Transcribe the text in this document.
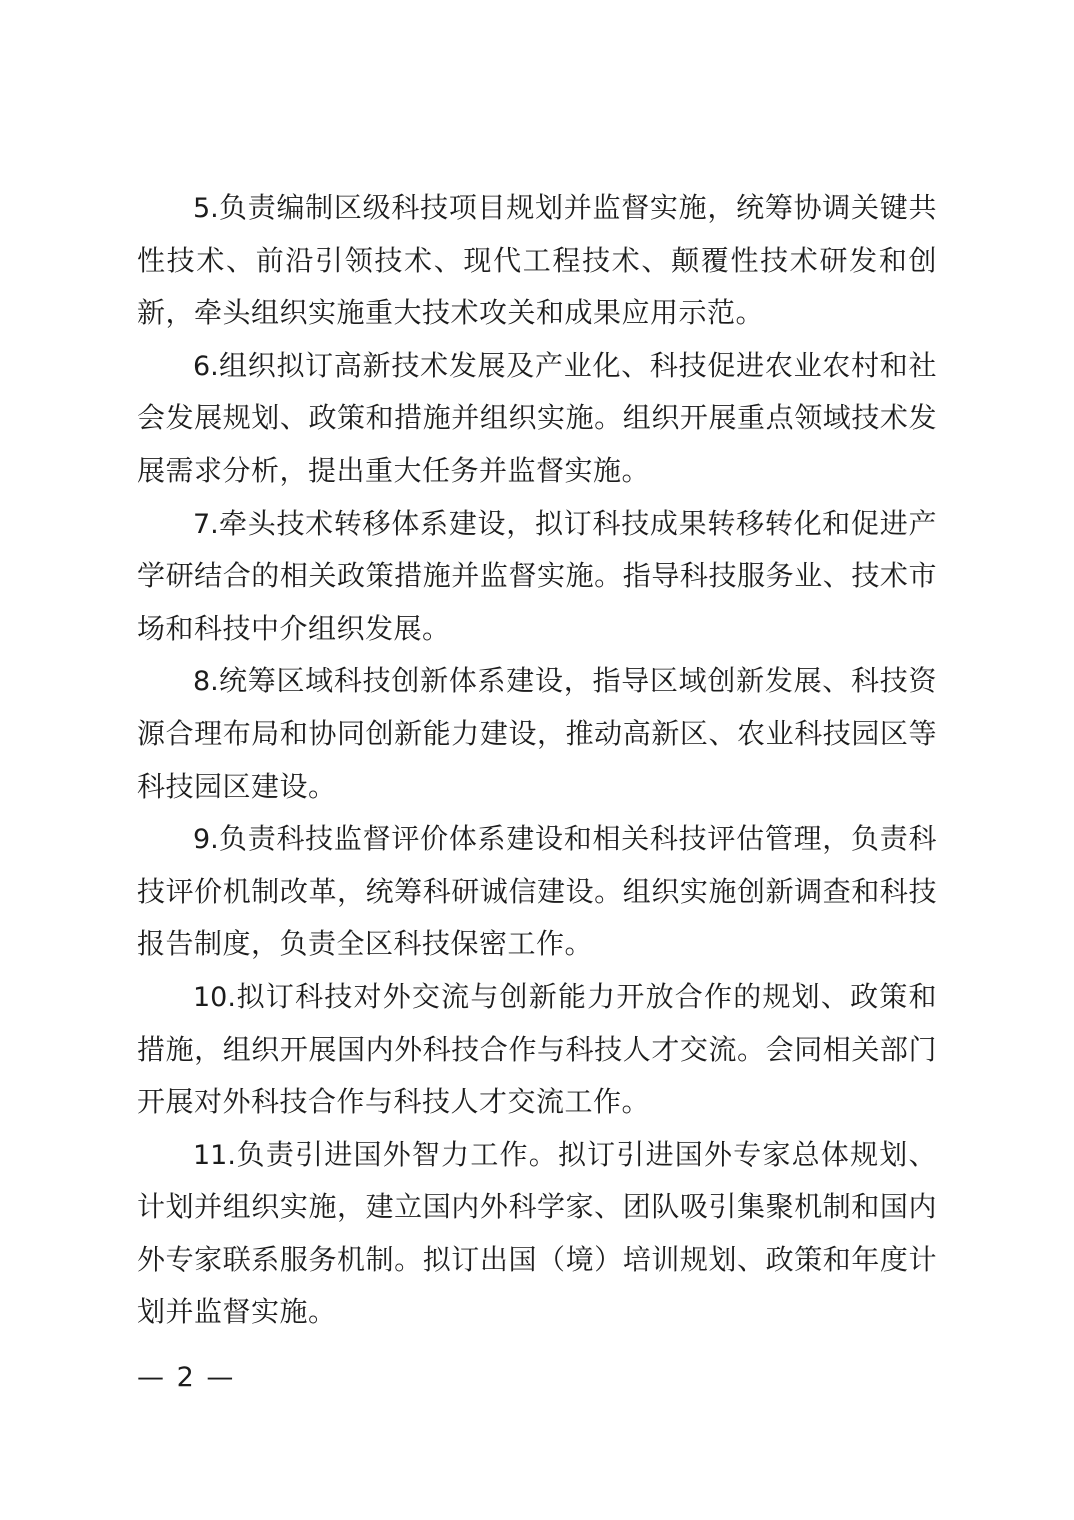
5.负责编制区级科技项目规划并监督实施，统筹协调关键共性技术、前沿引领技术、现代工程技术、颠覆性技术研发和创新，牵头组织实施重大技术攻关和成果应用示范。

6.组织拟订高新技术发展及产业化、科技促进农业农村和社会发展规划、政策和措施并组织实施。组织开展重点领域技术发展需求分析，提出重大任务并监督实施。

7.牵头技术转移体系建设，拟订科技成果转移转化和促进产学研结合的相关政策措施并监督实施。指导科技服务业、技术市场和科技中介组织发展。

8.统筹区域科技创新体系建设，指导区域创新发展、科技资源合理布局和协同创新能力建设，推动高新区、农业科技园区等科技园区建设。

9.负责科技监督评价体系建设和相关科技评估管理，负责科技评价机制改革，统筹科研诚信建设。组织实施创新调查和科技报告制度，负责全区科技保密工作。

10.拟订科技对外交流与创新能力开放合作的规划、政策和措施，组织开展国内外科技合作与科技人才交流。会同相关部门开展对外科技合作与科技人才交流工作。

11.负责引进国外智力工作。拟订引进国外专家总体规划、计划并组织实施，建立国内外科学家、团队吸引集聚机制和国内外专家联系服务机制。拟订出国（境）培训规划、政策和年度计划并监督实施。

— 2 —
